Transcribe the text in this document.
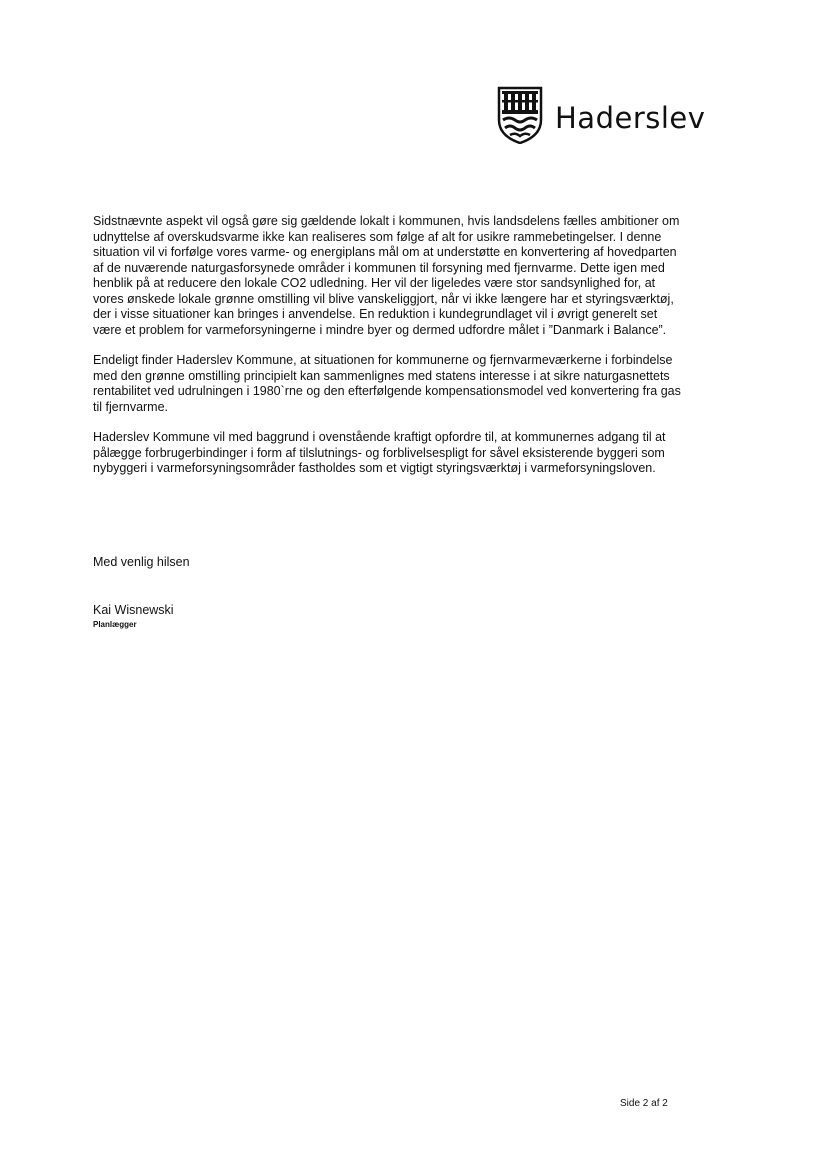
Haderslev

Sidstnævnte aspekt vil også gøre sig gældende lokalt i kommunen, hvis landsdelens fælles ambitioner om udnyttelse af overskudsvarme ikke kan realiseres som følge af alt for usikre rammebetingelser. I denne situation vil vi forfølge vores varme- og energiplans mål om at understøtte en konvertering af hovedparten af de nuværende naturgasforsynede områder i kommunen til forsyning med fjernvarme. Dette igen med henblik på at reducere den lokale CO2 udledning. Her vil der ligeledes være stor sandsynlighed for, at vores ønskede lokale grønne omstilling vil blive vanskeliggjort, når vi ikke længere har et styringsværktøj, der i visse situationer kan bringes i anvendelse. En reduktion i kundegrundlaget vil i øvrigt generelt set være et problem for varmeforsyningerne i mindre byer og dermed udfordre målet i ”Danmark i Balance”.

Endeligt finder Haderslev Kommune, at situationen for kommunerne og fjernvarmeværkerne i forbindelse med den grønne omstilling principielt kan sammenlignes med statens interesse i at sikre naturgasnettets rentabilitet ved udrulningen i 1980`rne og den efterfølgende kompensationsmodel ved konvertering fra gas til fjernvarme.

Haderslev Kommune vil med baggrund i ovenstående kraftigt opfordre til, at kommunernes adgang til at pålægge forbrugerbindinger i form af tilslutnings- og forblivelsespligt for såvel eksisterende byggeri som nybyggeri i varmeforsyningsområder fastholdes som et vigtigt styringsværktøj i varmeforsyningsloven.

Med venlig hilsen
Kai Wisnewski
Planlægger
Side 2 af 2
